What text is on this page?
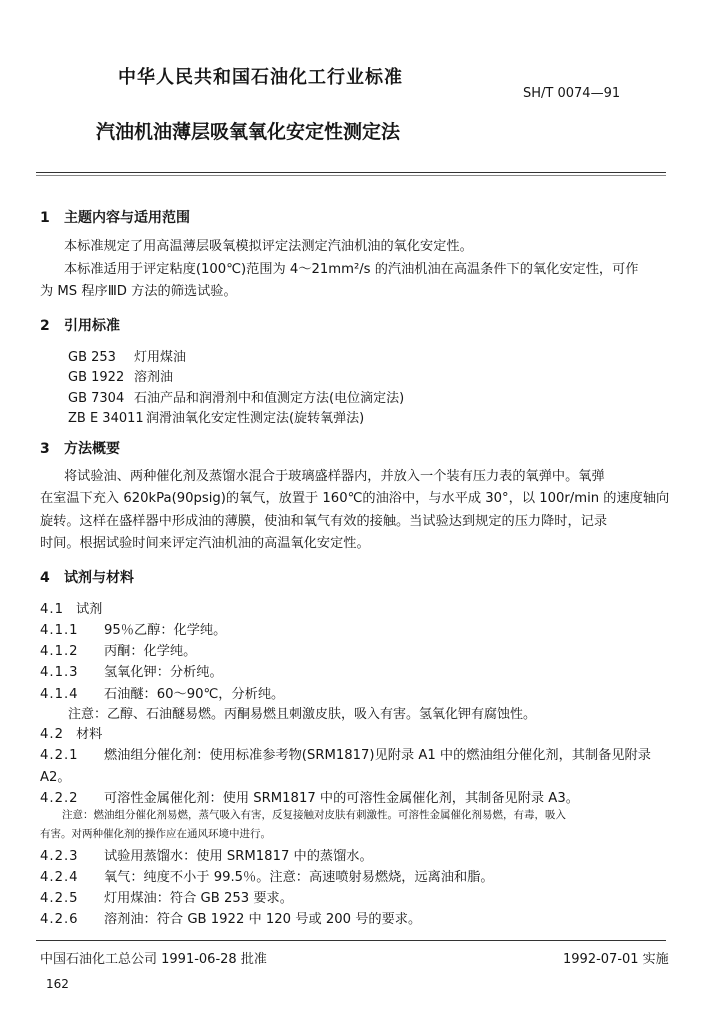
中华人民共和国石油化工行业标准
SH/T 0074—91
汽油机油薄层吸氧氧化安定性测定法
1 主题内容与适用范围
本标准规定了用高温薄层吸氧模拟评定法测定汽油机油的氧化安定性。
本标准适用于评定粘度(100℃)范围为 4～21mm²/s 的汽油机油在高温条件下的氧化安定性，可作
为 MS 程序ⅢD 方法的筛选试验。
2 引用标准
GB 253 灯用煤油
GB 1922 溶剂油
GB 7304 石油产品和润滑剂中和值测定方法(电位滴定法)
ZB E 34011 润滑油氧化安定性测定法(旋转氧弹法)
3 方法概要
将试验油、两种催化剂及蒸馏水混合于玻璃盛样器内，并放入一个装有压力表的氧弹中。氧弹
在室温下充入 620kPa(90psig)的氧气，放置于 160℃的油浴中，与水平成 30°，以 100r/min 的速度轴向
旋转。这样在盛样器中形成油的薄膜，使油和氧气有效的接触。当试验达到规定的压力降时，记录
时间。根据试验时间来评定汽油机油的高温氧化安定性。
4 试剂与材料
4.1 试剂
4.1.1 95％乙醇：化学纯。
4.1.2 丙酮：化学纯。
4.1.3 氢氧化钾：分析纯。
4.1.4 石油醚：60～90℃，分析纯。
注意：乙醇、石油醚易燃。丙酮易燃且刺激皮肤，吸入有害。氢氧化钾有腐蚀性。
4.2 材料
4.2.1 燃油组分催化剂：使用标准参考物(SRM1817)见附录 A1 中的燃油组分催化剂，其制备见附录
A2。
4.2.2 可溶性金属催化剂：使用 SRM1817 中的可溶性金属催化剂，其制备见附录 A3。
注意：燃油组分催化剂易燃，蒸气吸入有害，反复接触对皮肤有刺激性。可溶性金属催化剂易燃，有毒，吸入
有害。对两种催化剂的操作应在通风环境中进行。
4.2.3 试验用蒸馏水：使用 SRM1817 中的蒸馏水。
4.2.4 氧气：纯度不小于 99.5％。注意：高速喷射易燃烧，远离油和脂。
4.2.5 灯用煤油：符合 GB 253 要求。
4.2.6 溶剂油：符合 GB 1922 中 120 号或 200 号的要求。
中国石油化工总公司 1991-06-28 批准	1992-07-01 实施
162
